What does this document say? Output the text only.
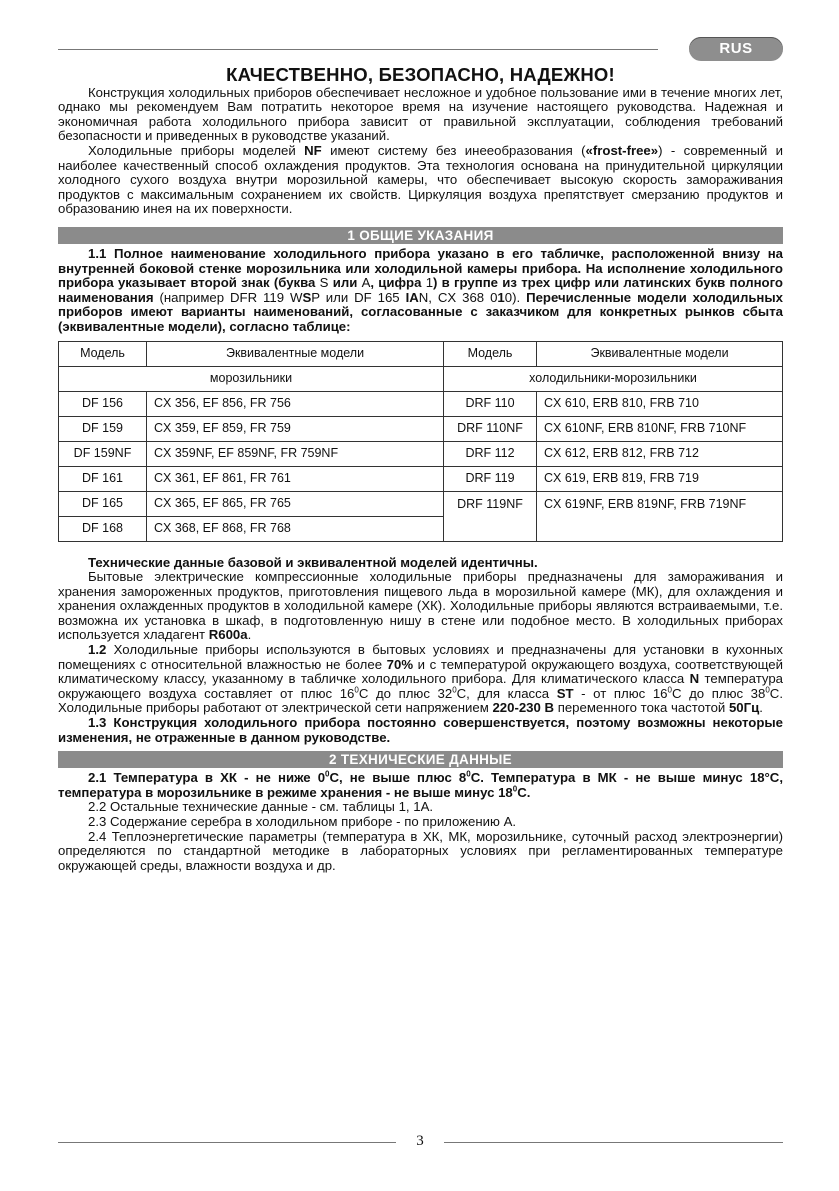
RUS
КАЧЕСТВЕННО, БЕЗОПАСНО, НАДЕЖНО!

Конструкция холодильных приборов обеспечивает несложное и удобное пользование ими в течение многих лет, однако мы рекомендуем Вам потратить некоторое время на изучение настоящего руководства. Надежная и экономичная работа холодильного прибора зависит от правильной эксплуатации, соблюдения требований безопасности и приведенных в руководстве указаний.

Холодильные приборы моделей NF имеют систему без инееобразования («frost-free») - современный и наиболее качественный способ охлаждения продуктов. Эта технология основана на принудительной циркуляции холодного сухого воздуха внутри морозильной камеры, что обеспечивает высокую скорость замораживания продуктов с максимальным сохранением их свойств. Циркуляция воздуха препятствует смерзанию продуктов и образованию инея на их поверхности.

1 ОБЩИЕ УКАЗАНИЯ

1.1 Полное наименование холодильного прибора указано в его табличке, расположенной внизу на внутренней боковой стенке морозильника или холодильной камеры прибора. На исполнение холодильного прибора указывает второй знак (буква S или A, цифра 1) в группе из трех цифр или латинских букв полного наименования (например DFR 119 WSP или DF 165 IAN, CX 368 010). Перечисленные модели холодильных приборов имеют варианты наименований, согласованные с заказчиком для конкретных рынков сбыта (эквивалентные модели), согласно таблице:

Модель	Эквивалентные модели	Модель	Эквивалентные модели
морозильники		холодильники-морозильники	
DF 156	CX 356, EF 856, FR 756	DRF 110	CX 610, ERB 810, FRB 710
DF 159	CX 359, EF 859, FR 759	DRF 110NF	CX 610NF, ERB 810NF, FRB 710NF
DF 159NF	CX 359NF, EF 859NF, FR 759NF	DRF 112	CX 612, ERB 812, FRB 712
DF 161	CX 361, EF 861, FR 761	DRF 119	CX 619, ERB 819, FRB 719
DF 165	CX 365, EF 865, FR 765	DRF 119NF	CX 619NF, ERB 819NF, FRB 719NF
DF 168	CX 368, EF 868, FR 768		

Технические данные базовой и эквивалентной моделей идентичны.

Бытовые электрические компрессионные холодильные приборы предназначены для замораживания и хранения замороженных продуктов, приготовления пищевого льда в морозильной камере (МК), для охлаждения и хранения охлажденных продуктов в холодильной камере (ХК). Холодильные приборы являются встраиваемыми, т.е. возможна их установка в шкаф, в подготовленную нишу в стене или подобное место. В холодильных приборах используется хладагент R600a.

1.2 Холодильные приборы используются в бытовых условиях и предназначены для установки в кухонных помещениях с относительной влажностью не более 70% и с температурой окружающего воздуха, соответствующей климатическому классу, указанному в табличке холодильного прибора. Для климатического класса N температура окружающего воздуха составляет от плюс $16^0С$ до плюс $32^0С$, для класса ST - от плюс $16^0С$ до плюс $38^0С$. Холодильные приборы работают от электрической сети напряжением 220-230 В переменного тока частотой 50Гц.

1.3 Конструкция холодильного прибора постоянно совершенствуется, поэтому возможны некоторые изменения, не отраженные в данном руководстве.

2 ТЕХНИЧЕСКИЕ ДАННЫЕ

2.1 Температура в ХК - не ниже $0^0С$, не выше плюс $8^0С$. Температура в МК - не выше минус 18°С, температура в морозильнике в режиме хранения - не выше минус $18^0С$.

2.2 Остальные технические данные - см. таблицы 1, 1А.

2.3 Содержание серебра в холодильном приборе - по приложению А.

2.4 Теплоэнергетические параметры (температура в ХК, МК, морозильнике, суточный расход электроэнергии) определяются по стандартной методике в лабораторных условиях при регламентированных температуре окружающей среды, влажности воздуха и др.

3
